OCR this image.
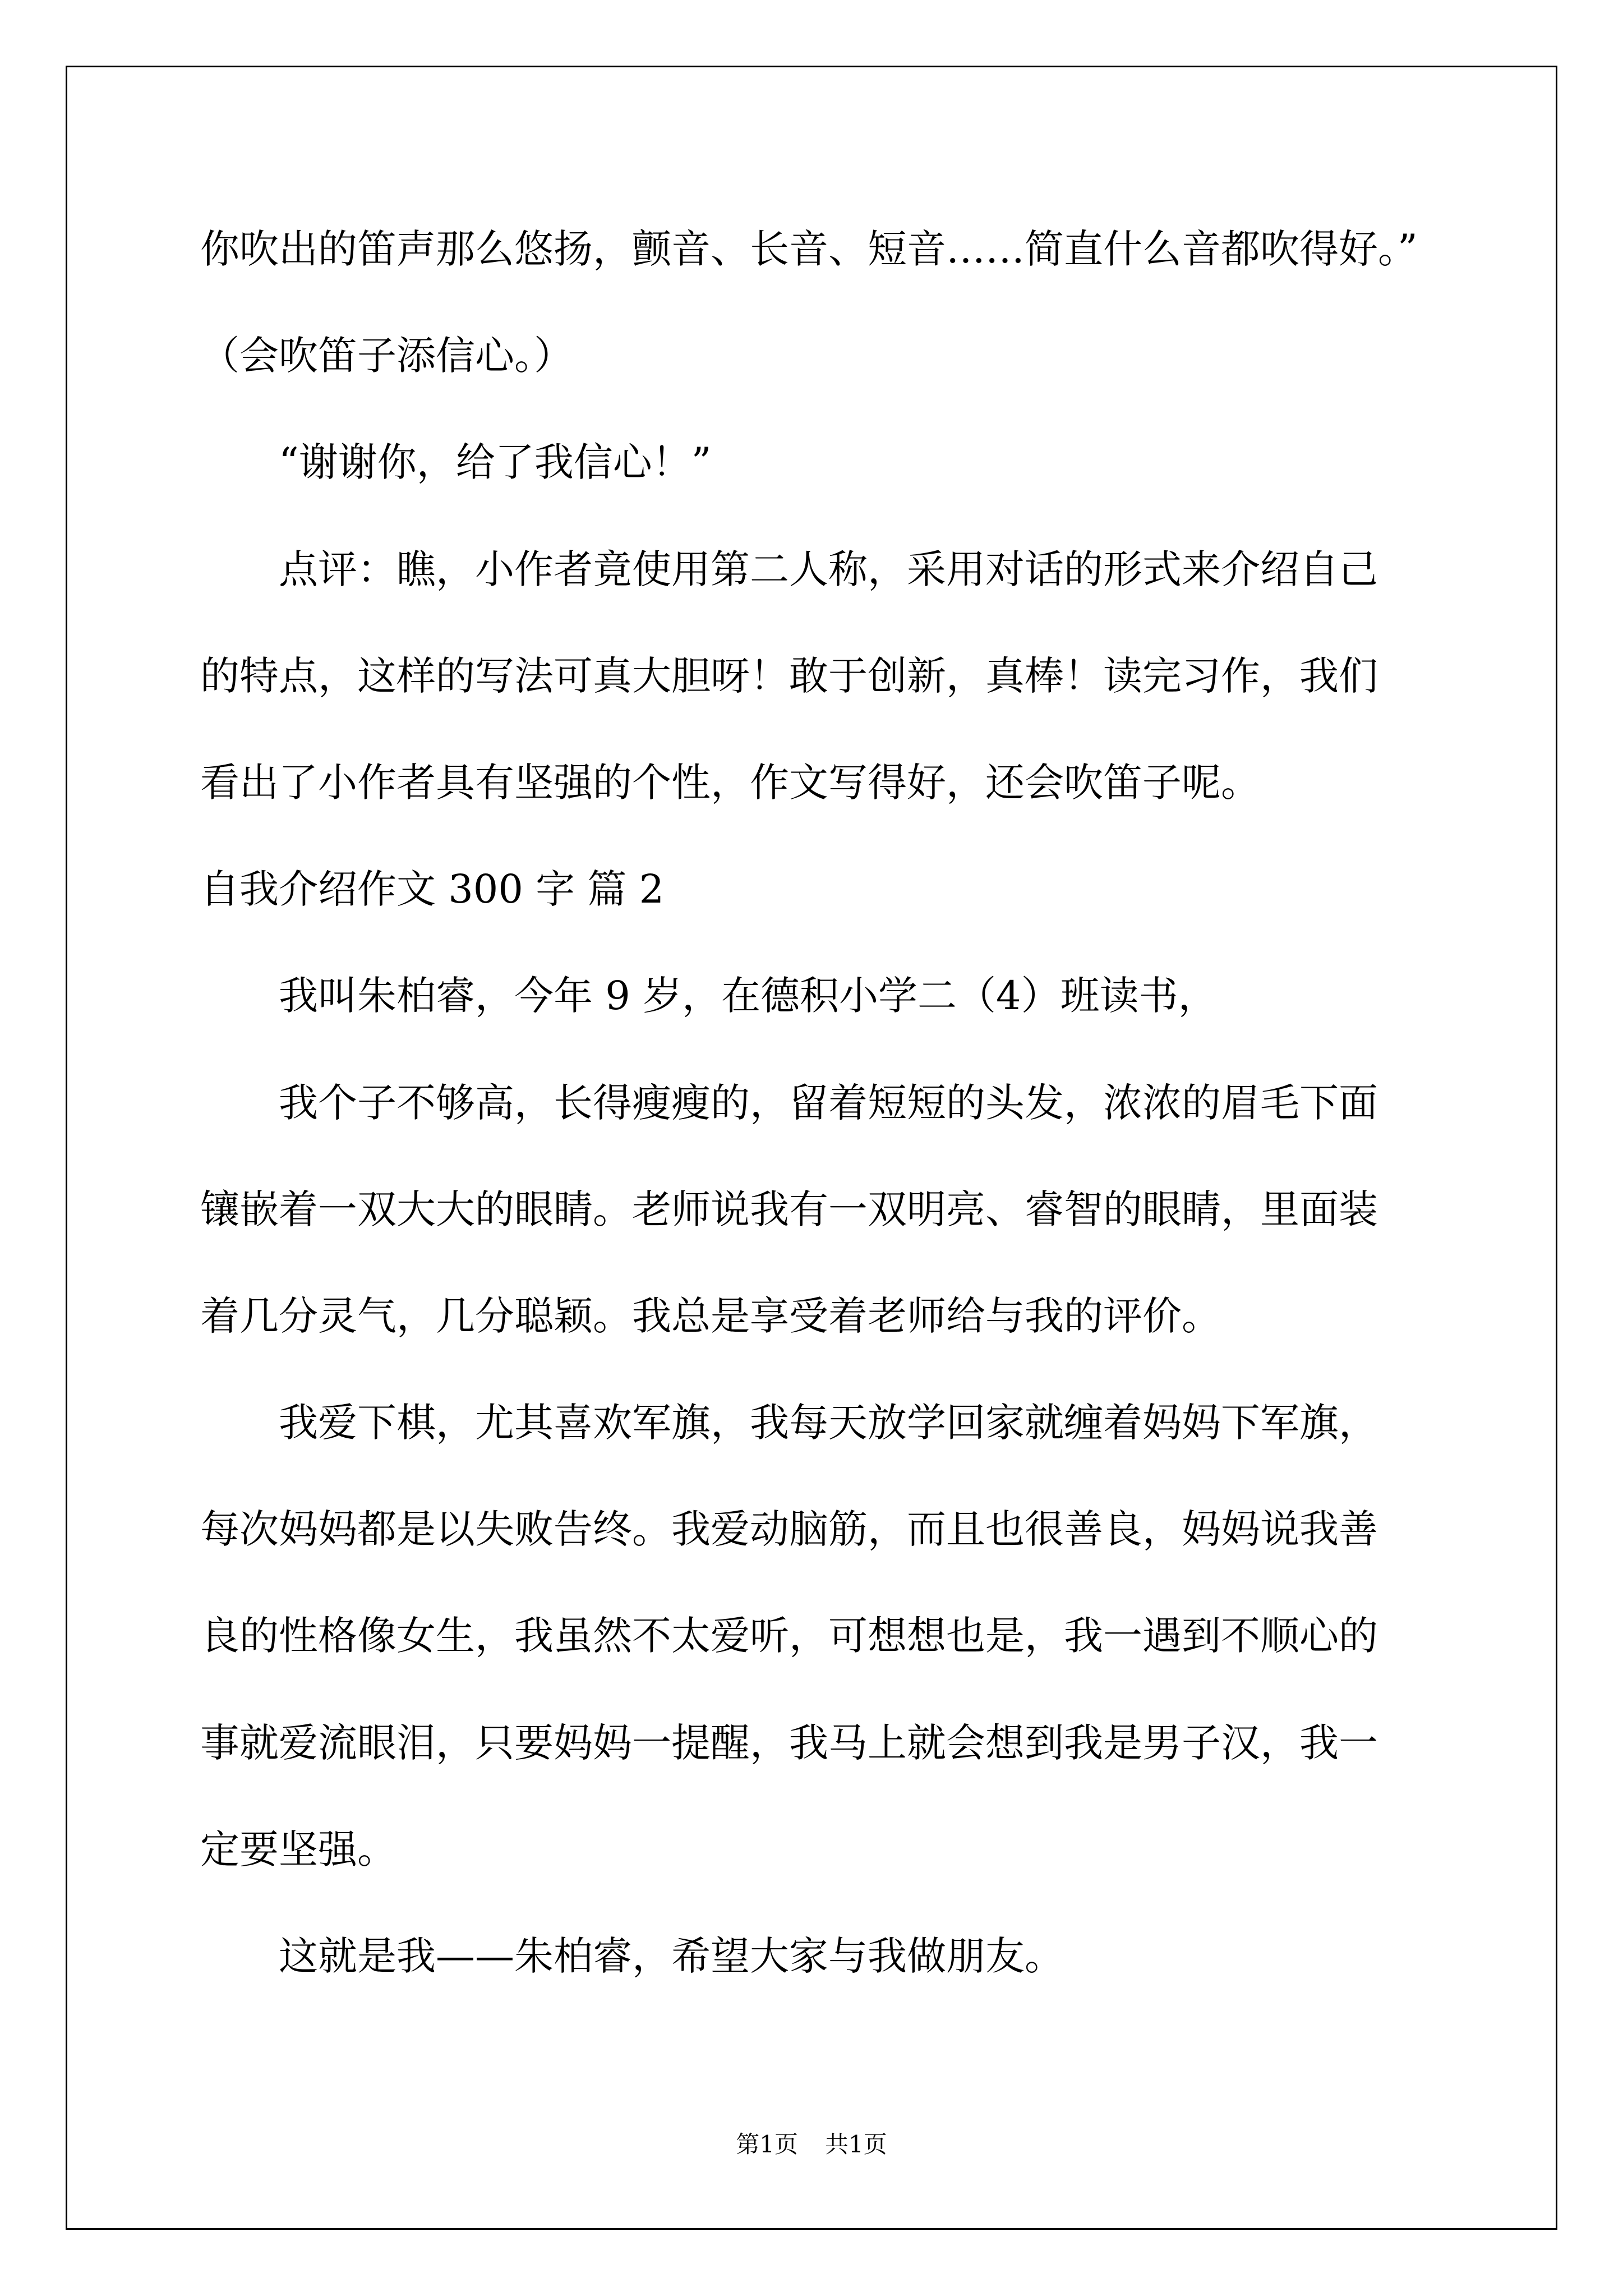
你吹出的笛声那么悠扬，颤音、长音、短音……简直什么音都吹得好。”
（会吹笛子添信心。）
“谢谢你，给了我信心！”
点评：瞧，小作者竟使用第二人称，采用对话的形式来介绍自己
的特点，这样的写法可真大胆呀！敢于创新，真棒！读完习作，我们
看出了小作者具有坚强的个性，作文写得好，还会吹笛子呢。
自我介绍作文 300 字 篇 2
我叫朱柏睿，今年 9 岁，在德积小学二（4）班读书，
我个子不够高，长得瘦瘦的，留着短短的头发，浓浓的眉毛下面
镶嵌着一双大大的眼睛。老师说我有一双明亮、睿智的眼睛，里面装
着几分灵气，几分聪颖。我总是享受着老师给与我的评价。
我爱下棋，尤其喜欢军旗，我每天放学回家就缠着妈妈下军旗，
每次妈妈都是以失败告终。我爱动脑筋，而且也很善良，妈妈说我善
良的性格像女生，我虽然不太爱听，可想想也是，我一遇到不顺心的
事就爱流眼泪，只要妈妈一提醒，我马上就会想到我是男子汉，我一
定要坚强。
这就是我——朱柏睿，希望大家与我做朋友。
第1页 共1页
